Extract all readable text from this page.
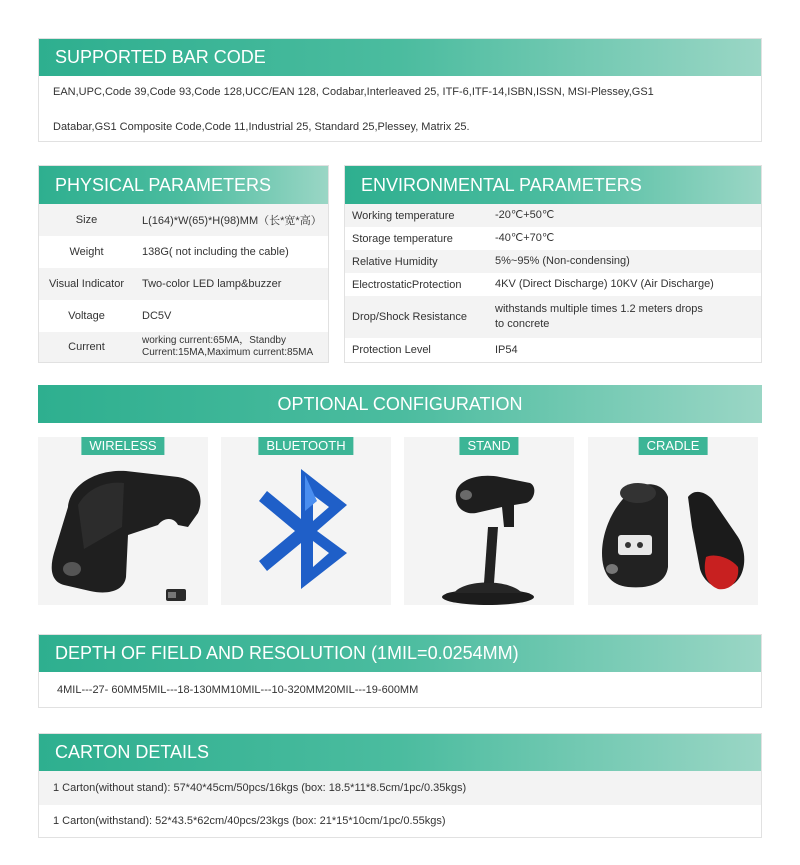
SUPPORTED BAR CODE
EAN,UPC,Code 39,Code 93,Code 128,UCC/EAN 128, Codabar,Interleaved 25, ITF-6,ITF-14,ISBN,ISSN, MSI-Plessey,GS1
Databar,GS1 Composite Code,Code 11,Industrial 25, Standard 25,Plessey, Matrix 25.
PHYSICAL PARAMETERS
Size	L(164)*W(65)*H(98)MM（长*宽*高）
Weight	138G( not including the cable)
Visual Indicator	Two-color LED lamp&buzzer
Voltage	DC5V
Current	working current:65MA，Standby
Current:15MA,Maximum current:85MA
ENVIRONMENTAL PARAMETERS
Working temperature	-20℃+50℃
Storage temperature	-40℃+70℃
Relative Humidity	5%~95% (Non-condensing)
ElectrostaticProtection	4KV (Direct Discharge) 10KV (Air Discharge)
Drop/Shock Resistance	withstands multiple times 1.2 meters drops
to concrete

Protection Level	IP54
OPTIONAL CONFIGURATION
WIRELESS	BLUETOOTH	STAND	CRADLE
DEPTH OF FIELD AND RESOLUTION (1MIL=0.0254MM)
4MIL---27- 60MM5MIL---18-130MM10MIL---10-320MM20MIL---19-600MM
CARTON DETAILS
1 Carton(without stand): 57*40*45cm/50pcs/16kgs (box: 18.5*11*8.5cm/1pc/0.35kgs)
1 Carton(withstand): 52*43.5*62cm/40pcs/23kgs (box: 21*15*10cm/1pc/0.55kgs)
